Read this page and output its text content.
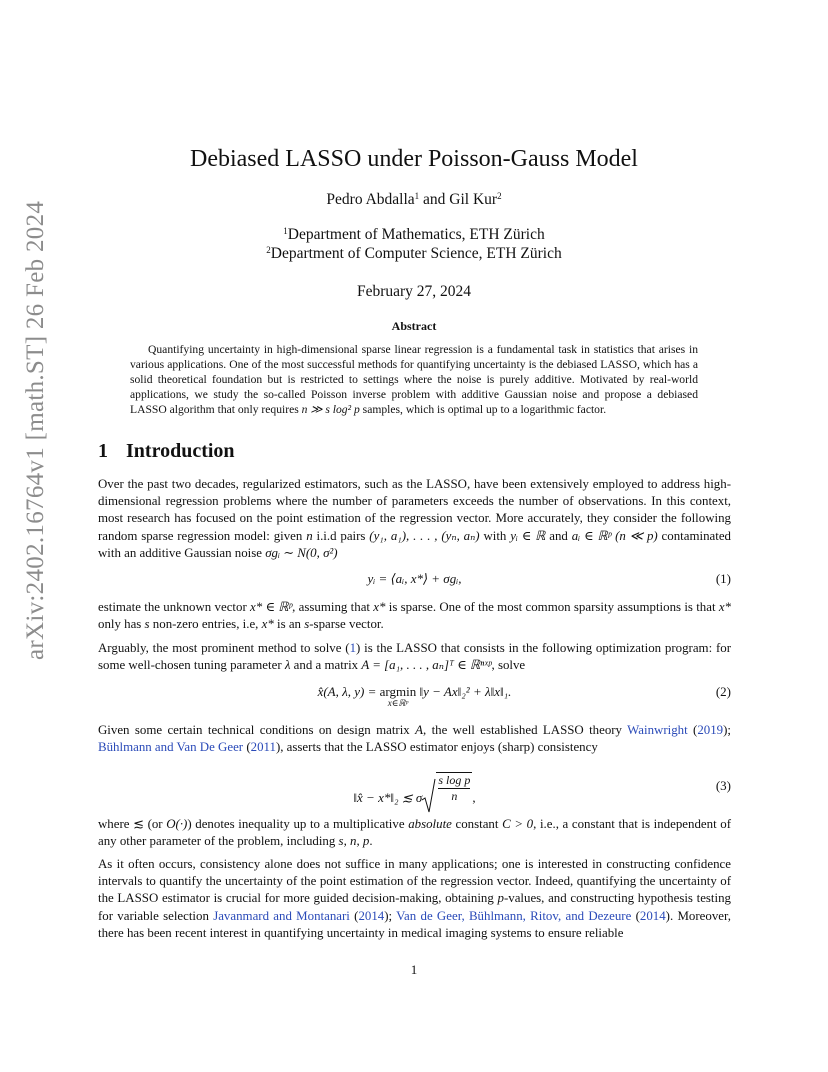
arXiv:2402.16764v1 [math.ST] 26 Feb 2024
Debiased LASSO under Poisson-Gauss Model
Pedro Abdalla$^1$ and Gil Kur$^2$
$^1$Department of Mathematics, ETH Zürich
$^2$Department of Computer Science, ETH Zürich
February 27, 2024
Abstract

Quantifying uncertainty in high-dimensional sparse linear regression is a fundamental task in statistics that arises in various applications. One of the most successful methods for quantifying uncertainty is the debiased LASSO, which has a solid theoretical foundation but is restricted to settings where the noise is purely additive. Motivated by real-world applications, we study the so-called Poisson inverse problem with additive Gaussian noise and propose a debiased LASSO algorithm that only requires n ≫ s log² p samples, which is optimal up to a logarithmic factor.

1 Introduction

Over the past two decades, regularized estimators, such as the LASSO, have been extensively employed to address high-dimensional regression problems where the number of parameters exceeds the number of observations. In this context, most research has focused on the point estimation of the regression vector. More accurately, they consider the following random sparse regression model: given n i.i.d pairs (y₁, a₁), . . . , (yₙ, aₙ) with yᵢ ∈ ℝ and aᵢ ∈ ℝᵖ (n ≪ p) contaminated with an additive Gaussian noise σgᵢ ∼ N(0, σ²)

yᵢ = ⟨aᵢ, x*⟩ + σgᵢ,	(1)

estimate the unknown vector x* ∈ ℝᵖ, assuming that x* is sparse. One of the most common sparsity assumptions is that x* only has s non-zero entries, i.e, x* is an s-sparse vector.

Arguably, the most prominent method to solve (1) is the LASSO that consists in the following optimization program: for some well-chosen tuning parameter λ and a matrix A = [a₁, . . . , aₙ]ᵀ ∈ ℝⁿˣᵖ, solve

x̂(A, λ, y) = argmin
x∈ℝᵖ
‖y − Ax‖₂² + λ‖x‖₁.	(2)

Given some certain technical conditions on design matrix A, the well established LASSO theory Wainwright (2019); Bühlmann and Van De Geer (2011), asserts that the LASSO estimator enjoys (sharp) consistency

‖x̂ − x*‖₂ ≲ σ $\frac{\text{s log p}}{n}$ ,
(3)

where ≲ (or O(·)) denotes inequality up to a multiplicative absolute constant C > 0, i.e., a constant that is independent of any other parameter of the problem, including s, n, p.

As it often occurs, consistency alone does not suffice in many applications; one is interested in constructing confidence intervals to quantify the uncertainty of the point estimation of the regression vector. Indeed, quantifying the uncertainty of the LASSO estimator is crucial for more guided decision-making, obtaining p-values, and constructing hypothesis testing for variable selection Javanmard and Montanari (2014); Van de Geer, Bühlmann, Ritov, and Dezeure (2014). Moreover, there has been recent interest in quantifying uncertainty in medical imaging systems to ensure reliable

1
